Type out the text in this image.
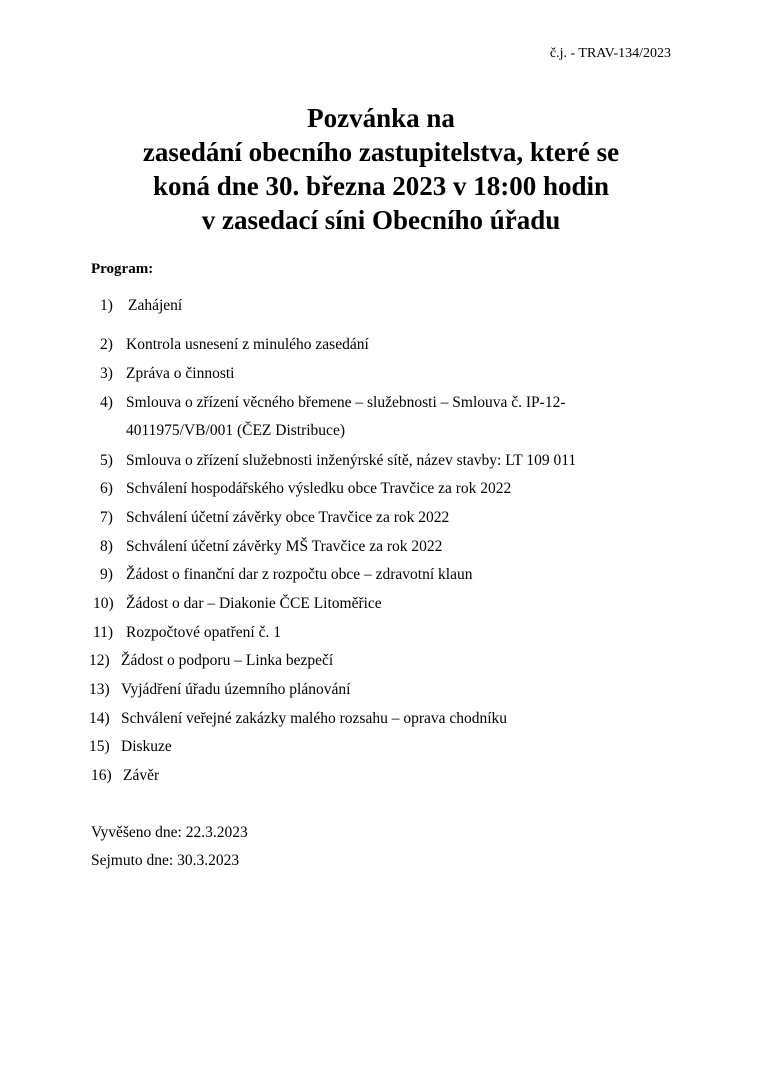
č.j. - TRAV-134/2023
Pozvánka na
zasedání obecního zastupitelstva, které se
koná dne 30. března 2023 v 18:00 hodin
v zasedací síni Obecního úřadu
Program:
1) Zahájení
2) Kontrola usnesení z minulého zasedání
3) Zpráva o činnosti
4) Smlouva o zřízení věcného břemene – služebnosti – Smlouva č. IP-12-
4011975/VB/001 (ČEZ Distribuce)
5) Smlouva o zřízení služebnosti inženýrské sítě, název stavby: LT 109 011
6) Schválení hospodářského výsledku obce Travčice za rok 2022
7) Schválení účetní závěrky obce Travčice za rok 2022
8) Schválení účetní závěrky MŠ Travčice za rok 2022
9) Žádost o finanční dar z rozpočtu obce – zdravotní klaun
10) Žádost o dar – Diakonie ČCE Litoměřice
11) Rozpočtové opatření č. 1
12) Žádost o podporu – Linka bezpečí
13) Vyjádření úřadu územního plánování
14) Schválení veřejné zakázky malého rozsahu – oprava chodníku
15) Diskuze
16) Závěr
Vyvěšeno dne: 22.3.2023
Sejmuto dne: 30.3.2023
